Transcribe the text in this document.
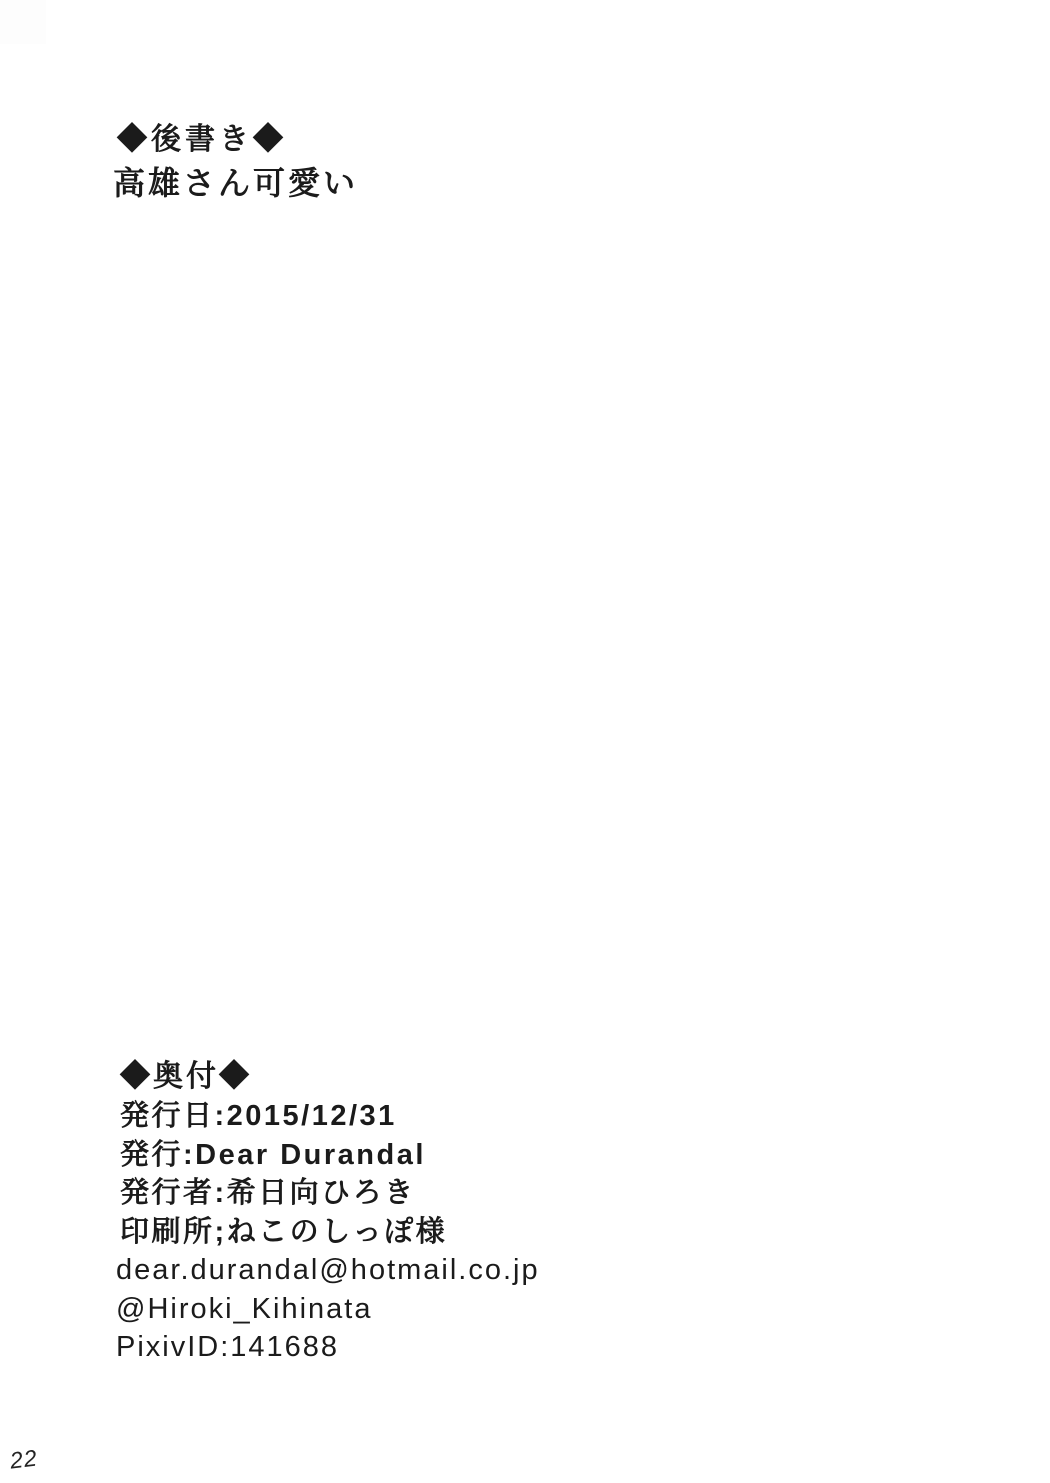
◆後書き◆

高雄さん可愛い

◆奥付◆
発行日:2015/12/31
発行:Dear Durandal
発行者:希日向ひろき
印刷所;ねこのしっぽ様
dear.durandal@hotmail.co.jp
@Hiroki_Kihinata
PixivID:141688
22
